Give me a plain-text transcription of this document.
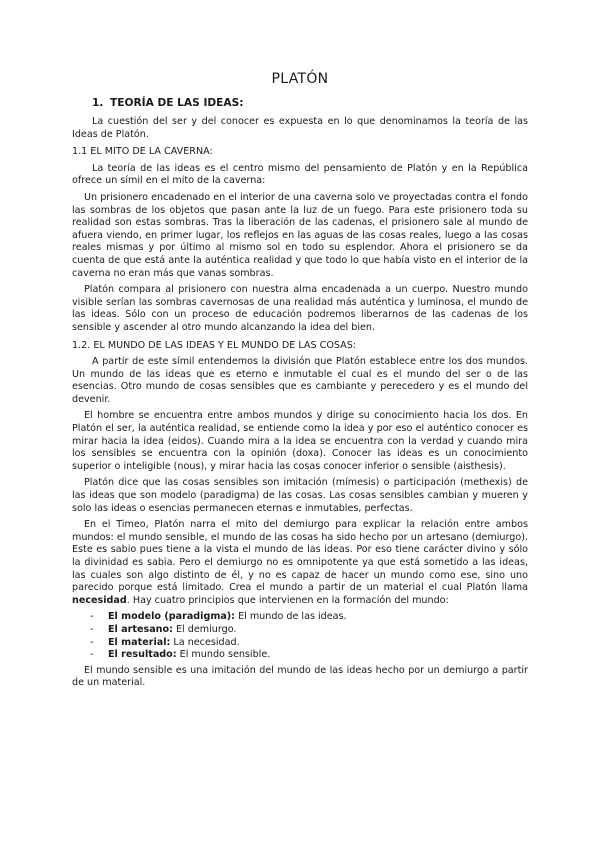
PLATÓN
1. TEORÍA DE LAS IDEAS:

La cuestión del ser y del conocer es expuesta en lo que denominamos la teoría de las Ideas de Platón.

1.1 EL MITO DE LA CAVERNA:

La teoría de las ideas es el centro mismo del pensamiento de Platón y en la República ofrece un símil en el mito de la caverna:

Un prisionero encadenado en el interior de una caverna solo ve proyectadas contra el fondo las sombras de los objetos que pasan ante la luz de un fuego. Para este prisionero toda su realidad son estas sombras. Tras la liberación de las cadenas, el prisionero sale al mundo de afuera viendo, en primer lugar, los reflejos en las aguas de las cosas reales, luego a las cosas reales mismas y por último al mismo sol en todo su esplendor. Ahora el prisionero se da cuenta de que está ante la auténtica realidad y que todo lo que había visto en el interior de la caverna no eran más que vanas sombras.

Platón compara al prisionero con nuestra alma encadenada a un cuerpo. Nuestro mundo visible serían las sombras cavernosas de una realidad más auténtica y luminosa, el mundo de las ideas. Sólo con un proceso de educación podremos liberarnos de las cadenas de los sensible y ascender al otro mundo alcanzando la idea del bien.

1.2. EL MUNDO DE LAS IDEAS Y EL MUNDO DE LAS COSAS:

A partir de este símil entendemos la división que Platón establece entre los dos mundos. Un mundo de las ideas que es eterno e inmutable el cual es el mundo del ser o de las esencias. Otro mundo de cosas sensibles que es cambiante y perecedero y es el mundo del devenir.

El hombre se encuentra entre ambos mundos y dirige su conocimiento hacia los dos. En Platón el ser, la auténtica realidad, se entiende como la idea y por eso el auténtico conocer es mirar hacia la idea (eidos). Cuando mira a la idea se encuentra con la verdad y cuando mira los sensibles se encuentra con la opinión (doxa). Conocer las ideas es un conocimiento superior o inteligible (nous), y mirar hacia las cosas conocer inferior o sensible (aisthesis).

Platón dice que las cosas sensibles son imitación (mímesis) o participación (methexis) de las ideas que son modelo (paradigma) de las cosas. Las cosas sensibles cambian y mueren y solo las ideas o esencias permanecen eternas e inmutables, perfectas.

En el Timeo, Platón narra el mito del demiurgo para explicar la relación entre ambos mundos: el mundo sensible, el mundo de las cosas ha sido hecho por un artesano (demiurgo). Este es sabio pues tiene a la vista el mundo de las ideas. Por eso tiene carácter divino y sólo la divinidad es sabia. Pero el demiurgo no es omnipotente ya que está sometido a las ideas, las cuales son algo distinto de él, y no es capaz de hacer un mundo como ese, sino uno parecido porque está limitado. Crea el mundo a partir de un material el cual Platón llama necesidad. Hay cuatro principios que intervienen en la formación del mundo:

- El modelo (paradigma): El mundo de las ideas.
- El artesano: El demiurgo.
- El material: La necesidad.
- El resultado: El mundo sensible.

El mundo sensible es una imitación del mundo de las ideas hecho por un demiurgo a partir de un material.
